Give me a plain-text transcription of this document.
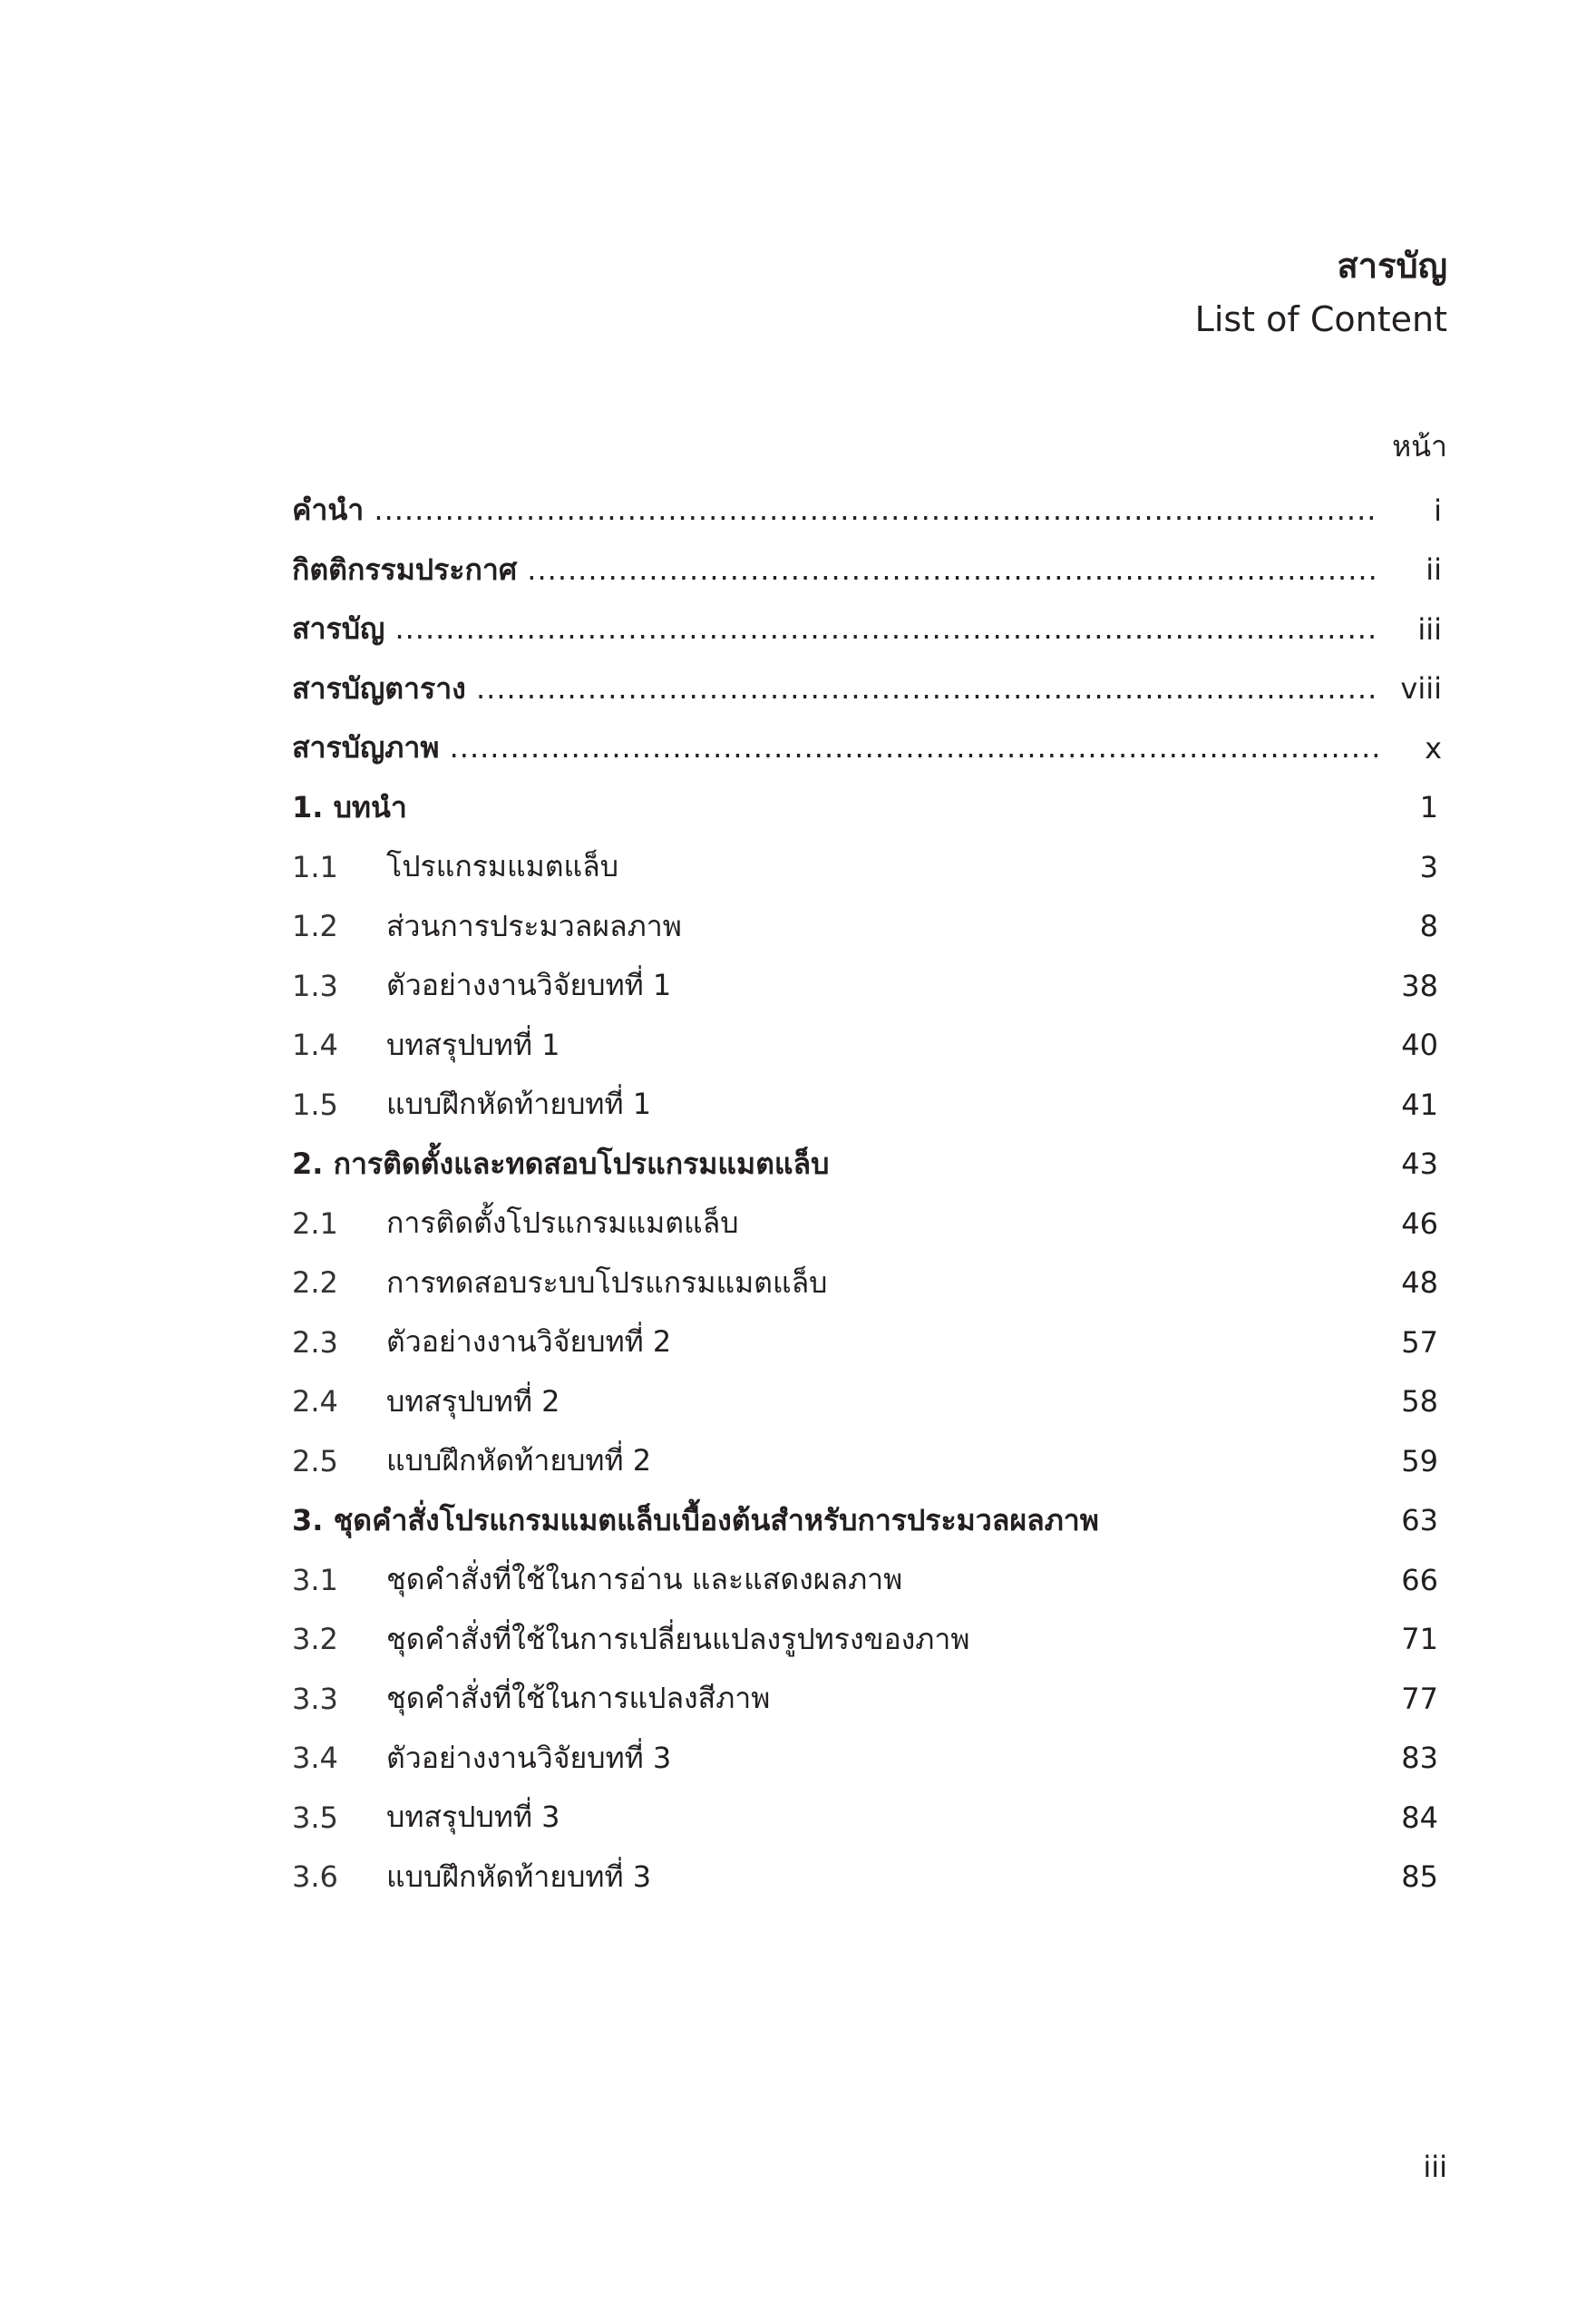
สารบัญ
List of Content
หน้า
คำนำ .....	i
กิตติกรรมประกาศ .....	ii
สารบัญ .....	iii
สารบัญตาราง .....	viii
สารบัญภาพ .....	x
1. บทนำ	1
1.1	โปรแกรมแมตแล็บ	3
1.2	ส่วนการประมวลผลภาพ	8
1.3	ตัวอย่างงานวิจัยบทที่ 1	38
1.4	บทสรุปบทที่ 1	40
1.5	แบบฝึกหัดท้ายบทที่ 1	41
2. การติดตั้งและทดสอบโปรแกรมแมตแล็บ	43
2.1	การติดตั้งโปรแกรมแมตแล็บ	46
2.2	การทดสอบระบบโปรแกรมแมตแล็บ	48
2.3	ตัวอย่างงานวิจัยบทที่ 2	57
2.4	บทสรุปบทที่ 2	58
2.5	แบบฝึกหัดท้ายบทที่ 2	59
3. ชุดคำสั่งโปรแกรมแมตแล็บเบื้องต้นสำหรับการประมวลผลภาพ	63
3.1	ชุดคำสั่งที่ใช้ในการอ่าน และแสดงผลภาพ	66
3.2	ชุดคำสั่งที่ใช้ในการเปลี่ยนแปลงรูปทรงของภาพ	71
3.3	ชุดคำสั่งที่ใช้ในการแปลงสีภาพ	77
3.4	ตัวอย่างงานวิจัยบทที่ 3	83
3.5	บทสรุปบทที่ 3	84
3.6	แบบฝึกหัดท้ายบทที่ 3	85
iii
